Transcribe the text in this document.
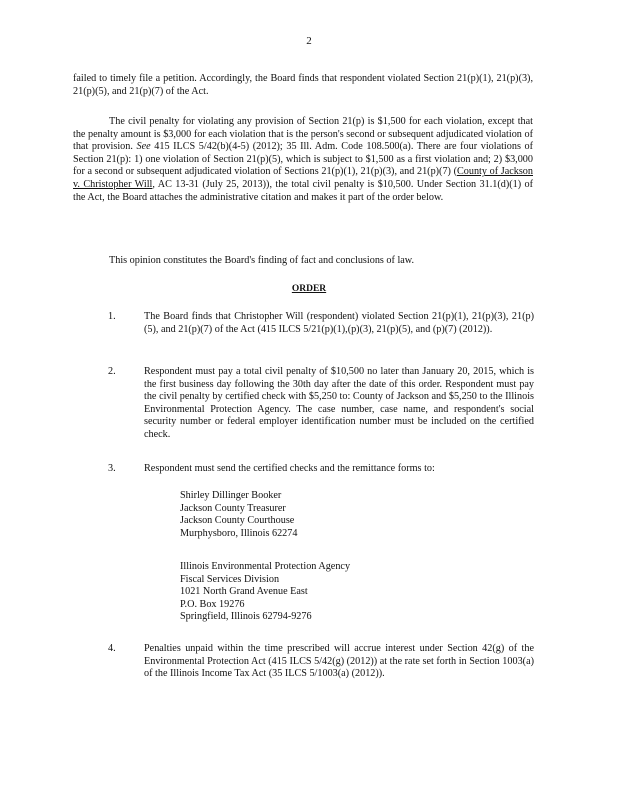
2
failed to timely file a petition. Accordingly, the Board finds that respondent violated Section 21(p)(1), 21(p)(3), 21(p)(5), and 21(p)(7) of the Act.
The civil penalty for violating any provision of Section 21(p) is $1,500 for each violation, except that the penalty amount is $3,000 for each violation that is the person's second or subsequent adjudicated violation of that provision. See 415 ILCS 5/42(b)(4-5) (2012); 35 Ill. Adm. Code 108.500(a). There are four violations of Section 21(p): 1) one violation of Section 21(p)(5), which is subject to $1,500 as a first violation and; 2) $3,000 for a second or subsequent adjudicated violation of Sections 21(p)(1), 21(p)(3), and 21(p)(7) (County of Jackson v. Christopher Will, AC 13-31 (July 25, 2013)), the total civil penalty is $10,500. Under Section 31.1(d)(1) of the Act, the Board attaches the administrative citation and makes it part of the order below.
This opinion constitutes the Board's finding of fact and conclusions of law.
ORDER
1.	The Board finds that Christopher Will (respondent) violated Section 21(p)(1), 21(p)(3), 21(p)(5), and 21(p)(7) of the Act (415 ILCS 5/21(p)(1),(p)(3), 21(p)(5), and (p)(7) (2012)).
2.	Respondent must pay a total civil penalty of $10,500 no later than January 20, 2015, which is the first business day following the 30th day after the date of this order. Respondent must pay the civil penalty by certified check with $5,250 to: County of Jackson and $5,250 to the Illinois Environmental Protection Agency. The case number, case name, and respondent's social security number or federal employer identification number must be included on the certified check.
3.	Respondent must send the certified checks and the remittance forms to:
Shirley Dillinger Booker
Jackson County Treasurer
Jackson County Courthouse
Murphysboro, Illinois 62274
Illinois Environmental Protection Agency
Fiscal Services Division
1021 North Grand Avenue East
P.O. Box 19276
Springfield, Illinois 62794-9276
4.	Penalties unpaid within the time prescribed will accrue interest under Section 42(g) of the Environmental Protection Act (415 ILCS 5/42(g) (2012)) at the rate set forth in Section 1003(a) of the Illinois Income Tax Act (35 ILCS 5/1003(a) (2012)).
